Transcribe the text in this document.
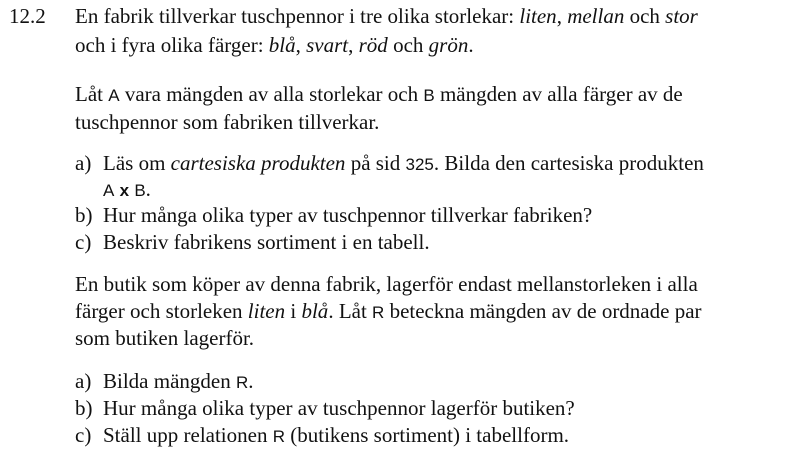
12.2 En fabrik tillverkar tuschpennor i tre olika storlekar: liten, mellan och stor
och i fyra olika färger: blå, svart, röd och grön.
Låt A vara mängden av alla storlekar och B mängden av alla färger av de
tuschpennor som fabriken tillverkar.
a) Läs om cartesiska produkten på sid 325. Bilda den cartesiska produkten
A x B.
b) Hur många olika typer av tuschpennor tillverkar fabriken?
c) Beskriv fabrikens sortiment i en tabell.
En butik som köper av denna fabrik, lagerför endast mellanstorleken i alla
färger och storleken liten i blå. Låt R beteckna mängden av de ordnade par
som butiken lagerför.
a) Bilda mängden R.
b) Hur många olika typer av tuschpennor lagerför butiken?
c) Ställ upp relationen R (butikens sortiment) i tabellform.
